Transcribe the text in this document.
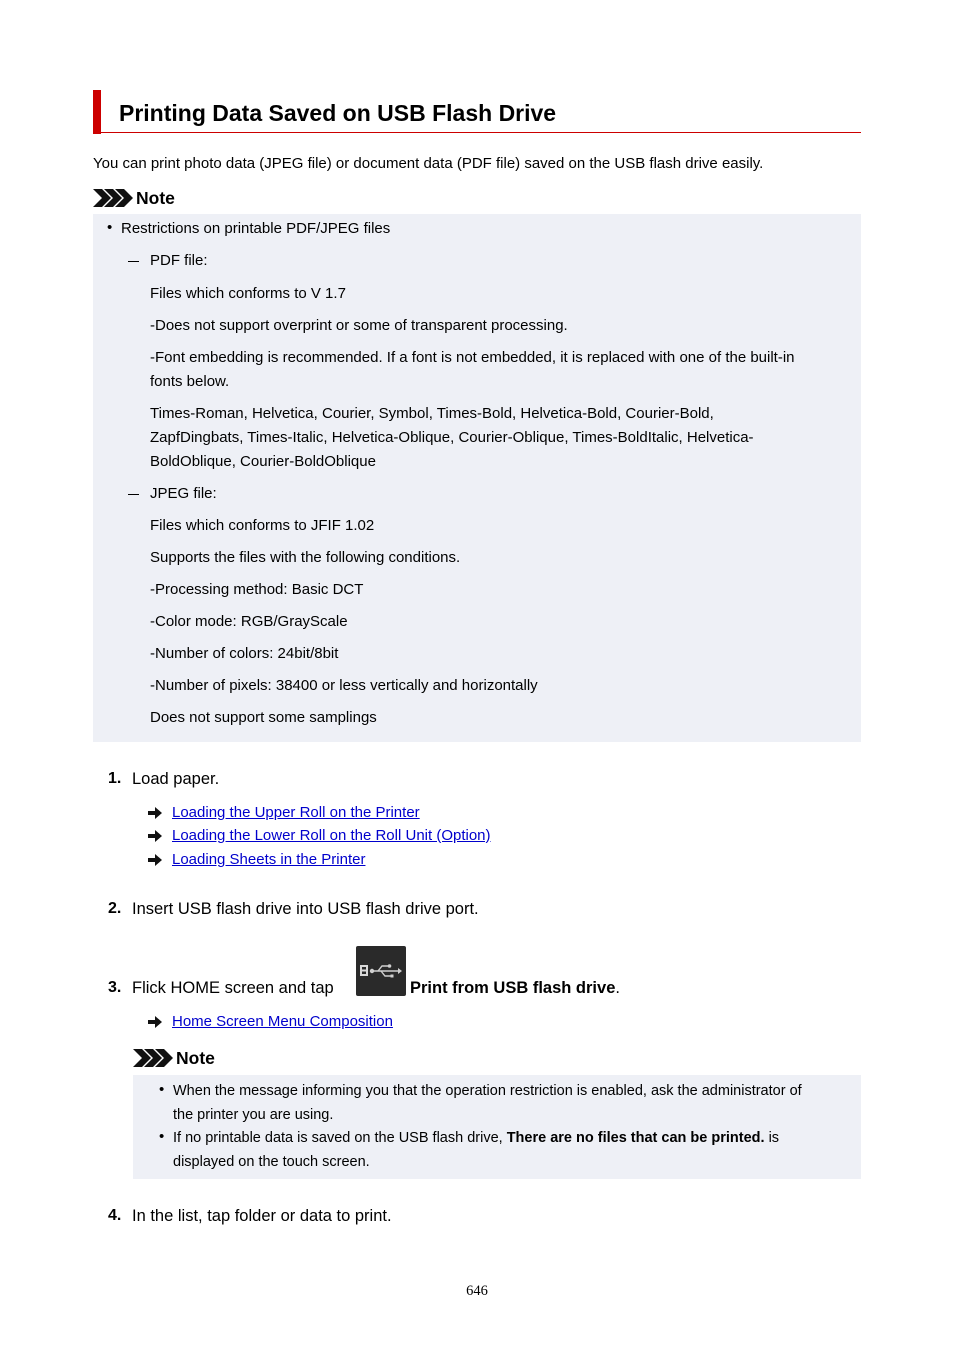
Printing Data Saved on USB Flash Drive
You can print photo data (JPEG file) or document data (PDF file) saved on the USB flash drive easily.
Note
• Restrictions on printable PDF/JPEG files
PDF file:
Files which conforms to V 1.7
-Does not support overprint or some of transparent processing.
-Font embedding is recommended. If a font is not embedded, it is replaced with one of the built-in
fonts below.
Times-Roman, Helvetica, Courier, Symbol, Times-Bold, Helvetica-Bold, Courier-Bold,
ZapfDingbats, Times-Italic, Helvetica-Oblique, Courier-Oblique, Times-BoldItalic, Helvetica-
BoldOblique, Courier-BoldOblique
JPEG file:
Files which conforms to JFIF 1.02
Supports the files with the following conditions.
-Processing method: Basic DCT
-Color mode: RGB/GrayScale
-Number of colors: 24bit/8bit
-Number of pixels: 38400 or less vertically and horizontally
Does not support some samplings
1. Load paper.
Loading the Upper Roll on the Printer
Loading the Lower Roll on the Roll Unit (Option)
Loading Sheets in the Printer
2. Insert USB flash drive into USB flash drive port.
3. Flick HOME screen and tap	Print from USB flash drive.
Home Screen Menu Composition
Note
• When the message informing you that the operation restriction is enabled, ask the administrator of
the printer you are using.
• If no printable data is saved on the USB flash drive, There are no files that can be printed. is
displayed on the touch screen.
4. In the list, tap folder or data to print.
646
